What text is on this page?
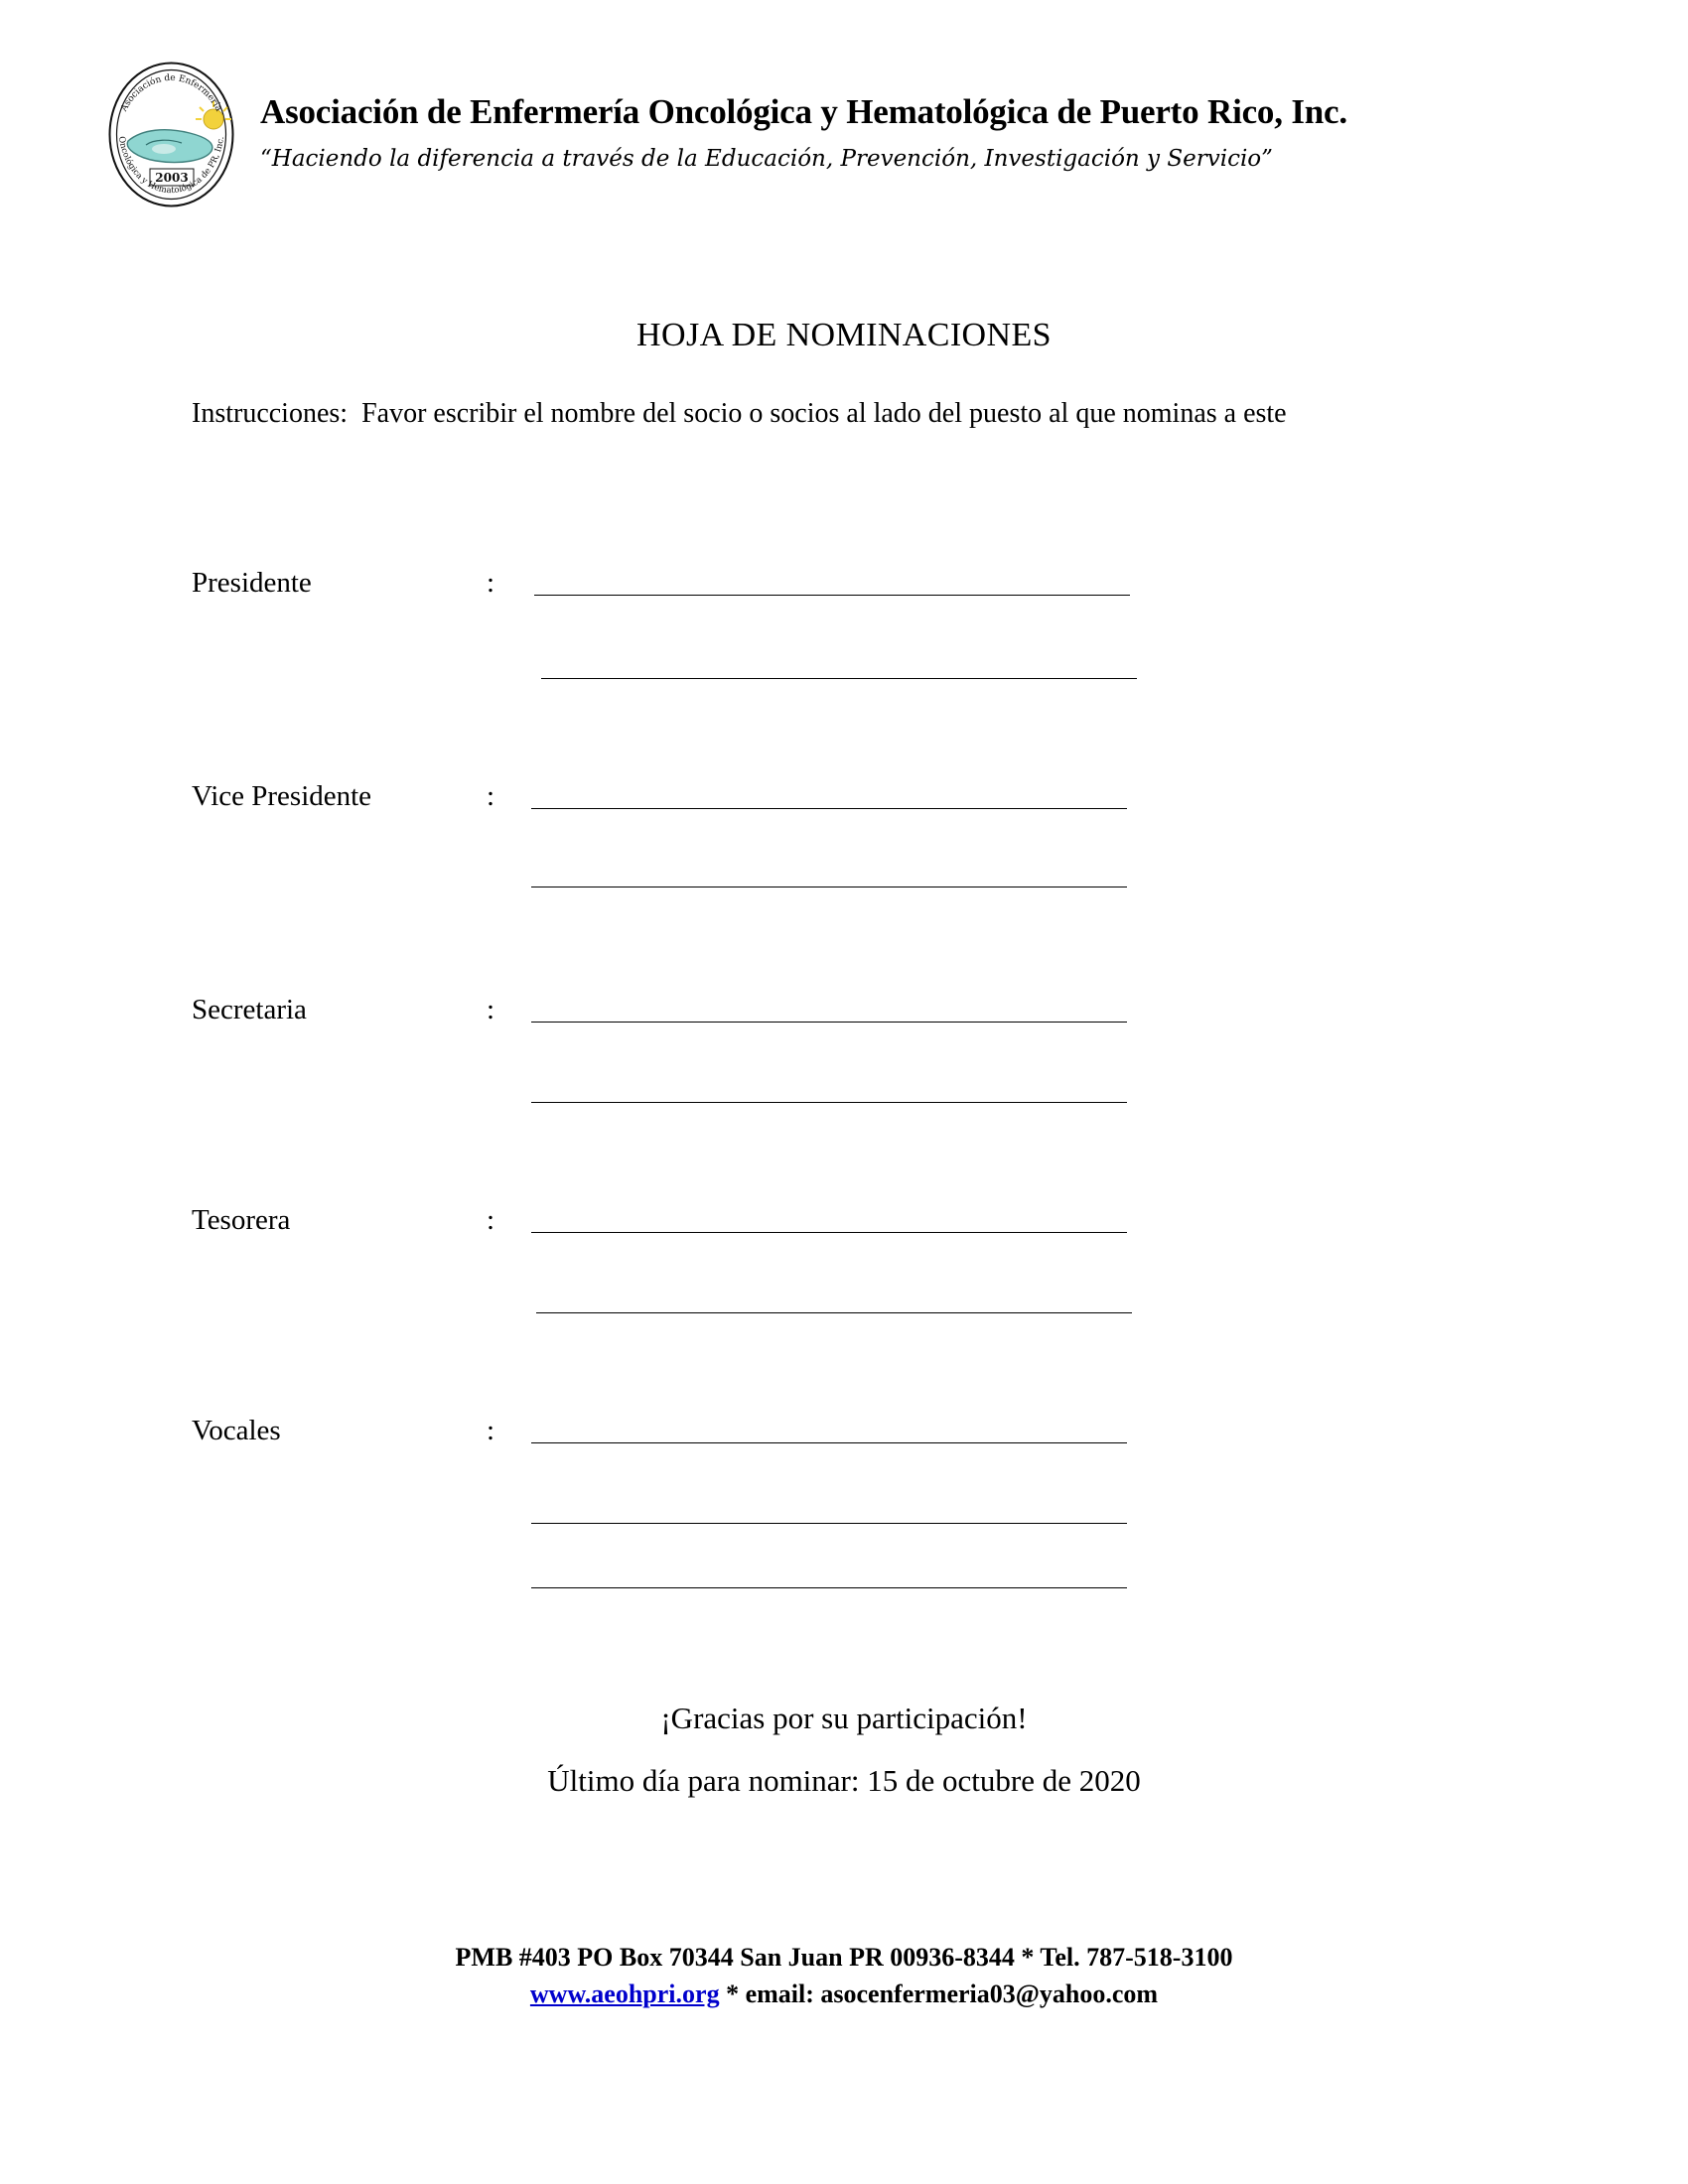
2003
Asociación de Enfermería
Oncológica y Hematológica de PR, Inc.
Asociación de Enfermería Oncológica y Hematológica de Puerto Rico, Inc.
“Haciendo la diferencia a través de la Educación, Prevención, Investigación y Servicio”
HOJA DE NOMINACIONES
Instrucciones: Favor escribir el nombre del socio o socios al lado del puesto al que nominas a este
Presidente	:
Vice Presidente	:
Secretaria	:
Tesorera	:
Vocales	:
¡Gracias por su participación!
Último día para nominar: 15 de octubre de 2020
PMB #403 PO Box 70344 San Juan PR 00936-8344 * Tel. 787-518-3100
www.aeohpri.org * email: asocenfermeria03@yahoo.com
